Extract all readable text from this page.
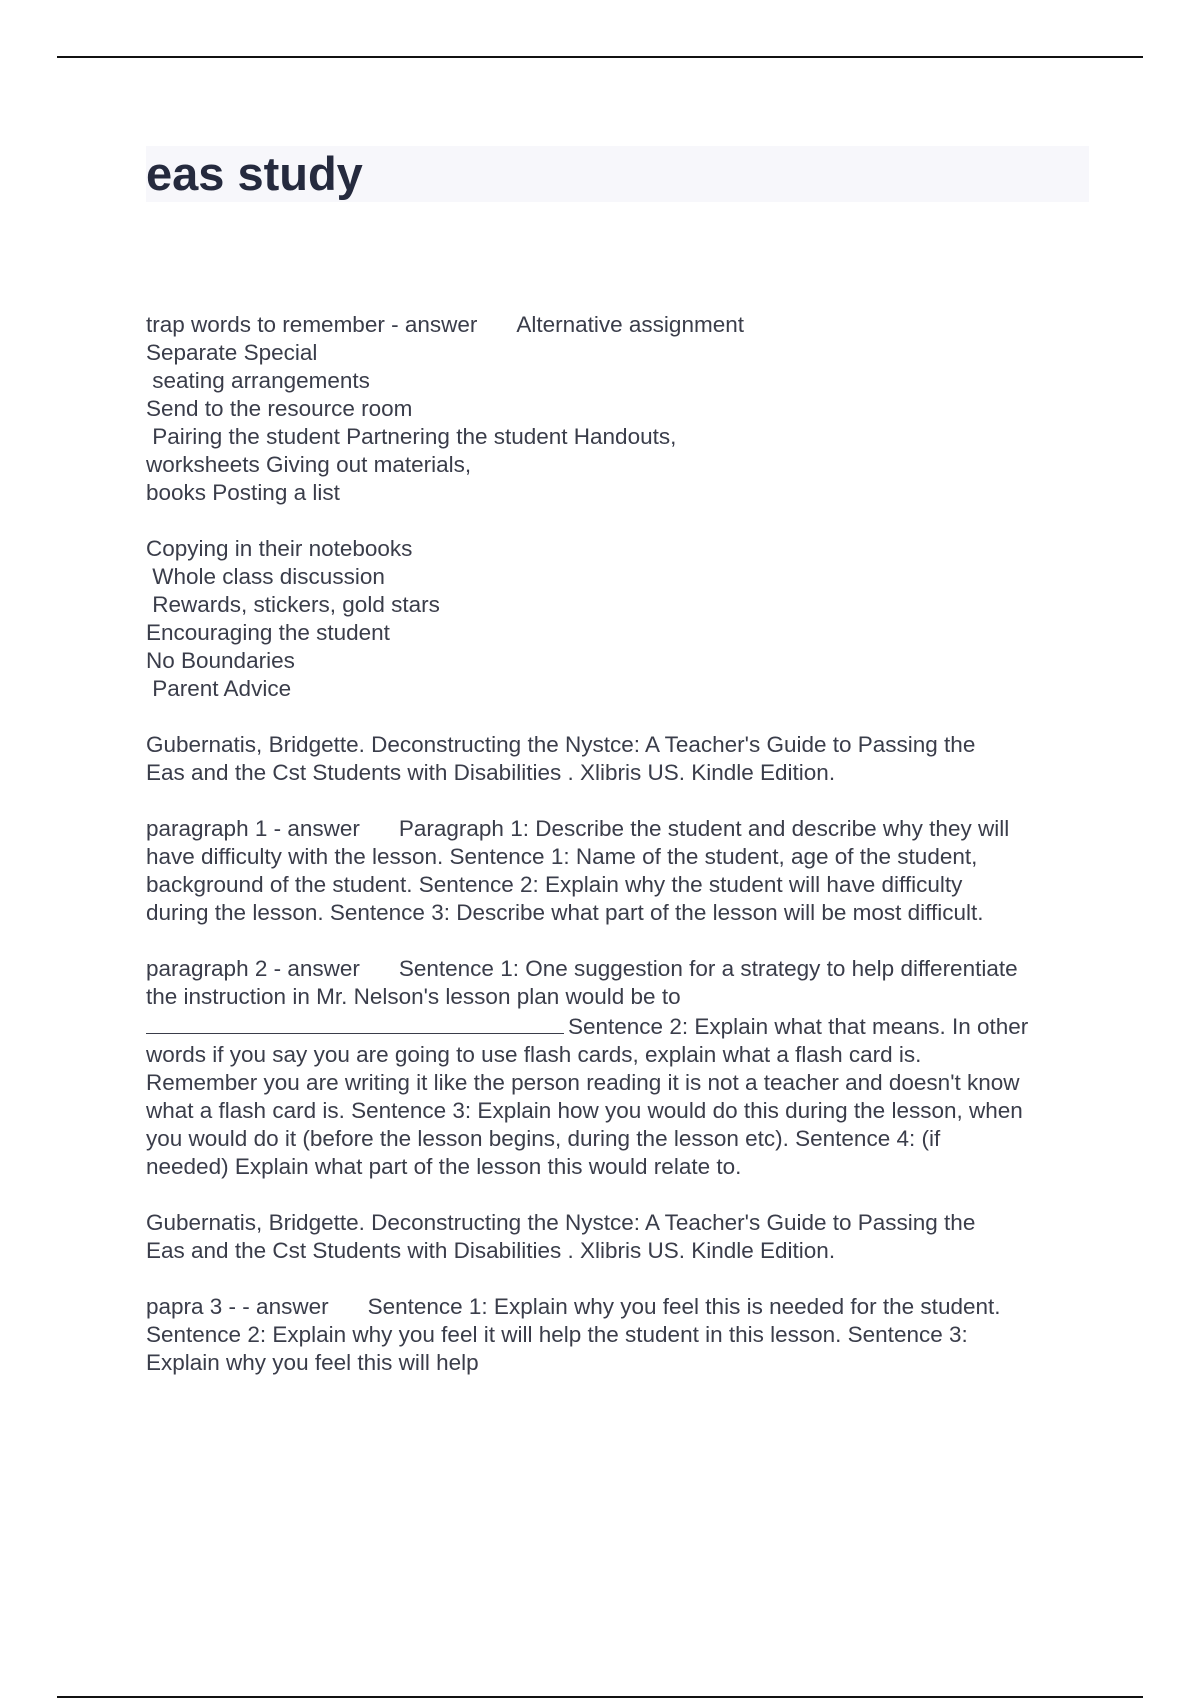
eas study
trap words to remember - answer Alternative assignment
Separate Special
seating arrangements
Send to the resource room
Pairing the student Partnering the student Handouts,
worksheets Giving out materials,
books Posting a list
Copying in their notebooks
Whole class discussion
Rewards, stickers, gold stars
Encouraging the student
No Boundaries
Parent Advice
Gubernatis, Bridgette. Deconstructing the Nystce: A Teacher's Guide to Passing the
Eas and the Cst Students with Disabilities . Xlibris US. Kindle Edition.
paragraph 1 - answer Paragraph 1: Describe the student and describe why they will
have difficulty with the lesson. Sentence 1: Name of the student, age of the student,
background of the student. Sentence 2: Explain why the student will have difficulty
during the lesson. Sentence 3: Describe what part of the lesson will be most difficult.
paragraph 2 - answer Sentence 1: One suggestion for a strategy to help differentiate
the instruction in Mr. Nelson's lesson plan would be to
Sentence 2: Explain what that means. In other
words if you say you are going to use flash cards, explain what a flash card is.
Remember you are writing it like the person reading it is not a teacher and doesn't know
what a flash card is. Sentence 3: Explain how you would do this during the lesson, when
you would do it (before the lesson begins, during the lesson etc). Sentence 4: (if
needed) Explain what part of the lesson this would relate to.
Gubernatis, Bridgette. Deconstructing the Nystce: A Teacher's Guide to Passing the
Eas and the Cst Students with Disabilities . Xlibris US. Kindle Edition.
papra 3 - - answer Sentence 1: Explain why you feel this is needed for the student.
Sentence 2: Explain why you feel it will help the student in this lesson. Sentence 3:
Explain why you feel this will help
